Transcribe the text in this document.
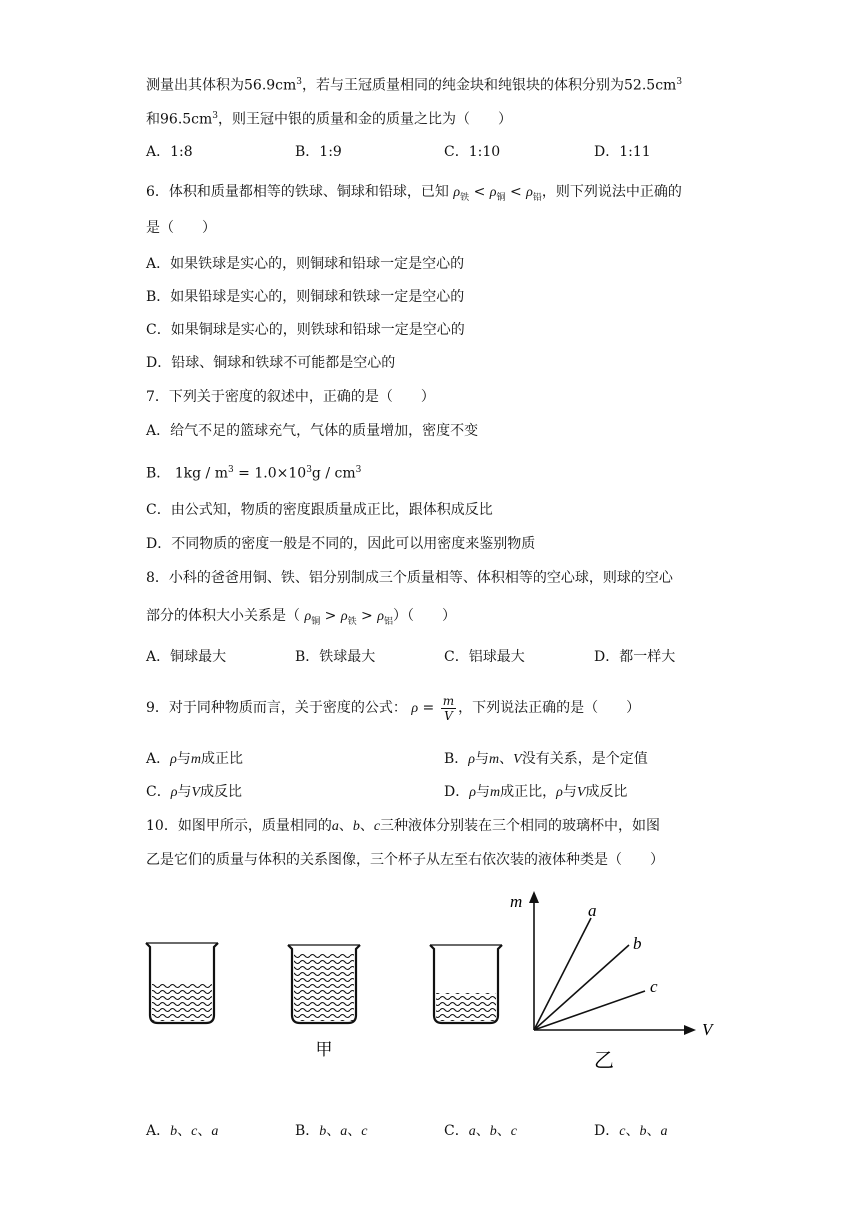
测量出其体积为$56.9cm^3$，若与王冠质量相同的纯金块和纯银块的体积分别为$52.5cm^3$
和$96.5cm^3$，则王冠中银的质量和金的质量之比为（　　）
A．1:8	B．1:9	C．1:10	D．1:11
6．体积和质量都相等的铁球、铜球和铅球，已知 $\rho_铁 < \rho_铜 < \rho_铅$，则下列说法中正确的
是（　　）
A．如果铁球是实心的，则铜球和铅球一定是空心的
B．如果铅球是实心的，则铜球和铁球一定是空心的
C．如果铜球是实心的，则铁球和铅球一定是空心的
D．铅球、铜球和铁球不可能都是空心的
7．下列关于密度的叙述中，正确的是（　　）
A．给气不足的篮球充气，气体的质量增加，密度不变
B． $1kg / m^3 = 1.0\times 10^3g / cm^3$
C．由公式知，物质的密度跟质量成正比，跟体积成反比
D．不同物质的密度一般是不同的，因此可以用密度来鉴别物质
8．小科的爸爸用铜、铁、铝分别制成三个质量相等、体积相等的空心球，则球的空心
部分的体积大小关系是（ $\rho_铜 > \rho_铁 > \rho_铝$）（　　）
A．铜球最大	B．铁球最大	C．铝球最大	D．都一样大
9．对于同种物质而言，关于密度的公式： $\rho = \frac{m}{V}$ ，下列说法正确的是（　　）
A．ρ与m成正比	B．ρ与m、V没有关系，是个定值
C．ρ与V成反比	D．ρ与m成正比，ρ与V成反比
10．如图甲所示，质量相同的a、b、c三种液体分别装在三个相同的玻璃杯中，如图
乙是它们的质量与体积的关系图像，三个杯子从左至右依次装的液体种类是（　　）
甲
m
V
a
b
c
乙
A．b、c、a	B．b、a、c	C．a、b、c	D．c、b、a
